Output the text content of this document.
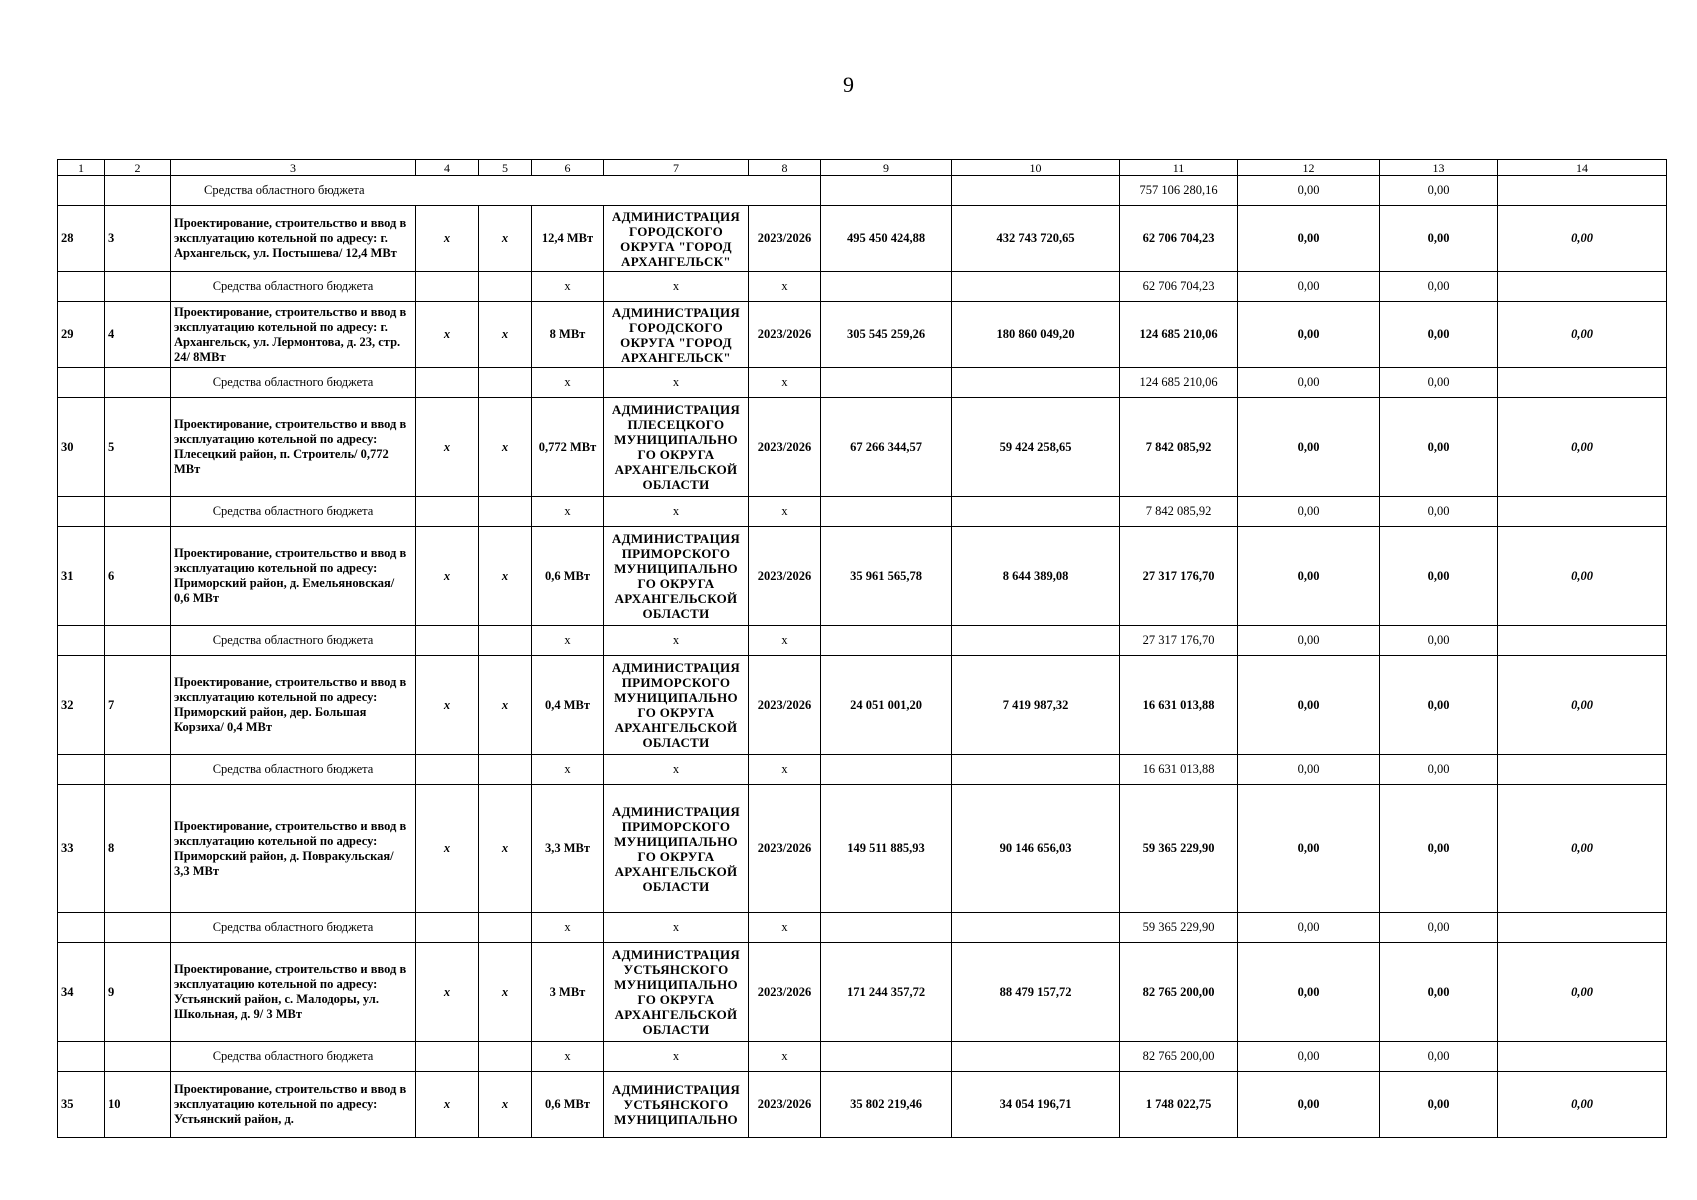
9
1	2	3	4	5	6	7	8	9	10	11	12	13	14
		Средства областного бюджета								757 106 280,16	0,00	0,00	
28	3	Проектирование, строительство и ввод в эксплуатацию котельной по адресу: г. Архангельск, ул. Постышева/ 12,4 МВт	x	x	12,4 МВт	АДМИНИСТРАЦИЯ ГОРОДСКОГО ОКРУГА "ГОРОД АРХАНГЕЛЬСК"	2023/2026	495 450 424,88	432 743 720,65	62 706 704,23	0,00	0,00	0,00
		Средства областного бюджета			x	x	x			62 706 704,23	0,00	0,00	
29	4	Проектирование, строительство и ввод в эксплуатацию котельной по адресу: г. Архангельск, ул. Лермонтова, д. 23, стр. 24/ 8МВт	x	x	8 МВт	АДМИНИСТРАЦИЯ ГОРОДСКОГО ОКРУГА "ГОРОД АРХАНГЕЛЬСК"	2023/2026	305 545 259,26	180 860 049,20	124 685 210,06	0,00	0,00	0,00
		Средства областного бюджета			x	x	x			124 685 210,06	0,00	0,00	
30	5	Проектирование, строительство и ввод в эксплуатацию котельной по адресу: Плесецкий район, п. Строитель/ 0,772 МВт	x	x	0,772 МВт	АДМИНИСТРАЦИЯ ПЛЕСЕЦКОГО МУНИЦИПАЛЬНО ГО ОКРУГА АРХАНГЕЛЬСКОЙ ОБЛАСТИ	2023/2026	67 266 344,57	59 424 258,65	7 842 085,92	0,00	0,00	0,00
		Средства областного бюджета			x	x	x			7 842 085,92	0,00	0,00	
31	6	Проектирование, строительство и ввод в эксплуатацию котельной по адресу: Приморский район, д. Емельяновская/ 0,6 МВт	x	x	0,6 МВт	АДМИНИСТРАЦИЯ ПРИМОРСКОГО МУНИЦИПАЛЬНО ГО ОКРУГА АРХАНГЕЛЬСКОЙ ОБЛАСТИ	2023/2026	35 961 565,78	8 644 389,08	27 317 176,70	0,00	0,00	0,00
		Средства областного бюджета			x	x	x			27 317 176,70	0,00	0,00	
32	7	Проектирование, строительство и ввод в эксплуатацию котельной по адресу: Приморский район, дер. Большая Корзиха/ 0,4 МВт	x	x	0,4 МВт	АДМИНИСТРАЦИЯ ПРИМОРСКОГО МУНИЦИПАЛЬНО ГО ОКРУГА АРХАНГЕЛЬСКОЙ ОБЛАСТИ	2023/2026	24 051 001,20	7 419 987,32	16 631 013,88	0,00	0,00	0,00
		Средства областного бюджета			x	x	x			16 631 013,88	0,00	0,00	
33	8	Проектирование, строительство и ввод в эксплуатацию котельной по адресу: Приморский район, д. Повракульская/ 3,3 МВт	x	x	3,3 МВт	АДМИНИСТРАЦИЯ ПРИМОРСКОГО МУНИЦИПАЛЬНО ГО ОКРУГА АРХАНГЕЛЬСКОЙ ОБЛАСТИ	2023/2026	149 511 885,93	90 146 656,03	59 365 229,90	0,00	0,00	0,00
		Средства областного бюджета			x	x	x			59 365 229,90	0,00	0,00	
34	9	Проектирование, строительство и ввод в эксплуатацию котельной по адресу: Устьянский район, с. Малодоры, ул. Школьная, д. 9/ 3 МВт	x	x	3 МВт	АДМИНИСТРАЦИЯ УСТЬЯНСКОГО МУНИЦИПАЛЬНО ГО ОКРУГА АРХАНГЕЛЬСКОЙ ОБЛАСТИ	2023/2026	171 244 357,72	88 479 157,72	82 765 200,00	0,00	0,00	0,00
		Средства областного бюджета			x	x	x			82 765 200,00	0,00	0,00	
35	10	Проектирование, строительство и ввод в эксплуатацию котельной по адресу: Устьянский район, д.	x	x	0,6 МВт	АДМИНИСТРАЦИЯ УСТЬЯНСКОГО МУНИЦИПАЛЬНО	2023/2026	35 802 219,46	34 054 196,71	1 748 022,75	0,00	0,00	0,00
